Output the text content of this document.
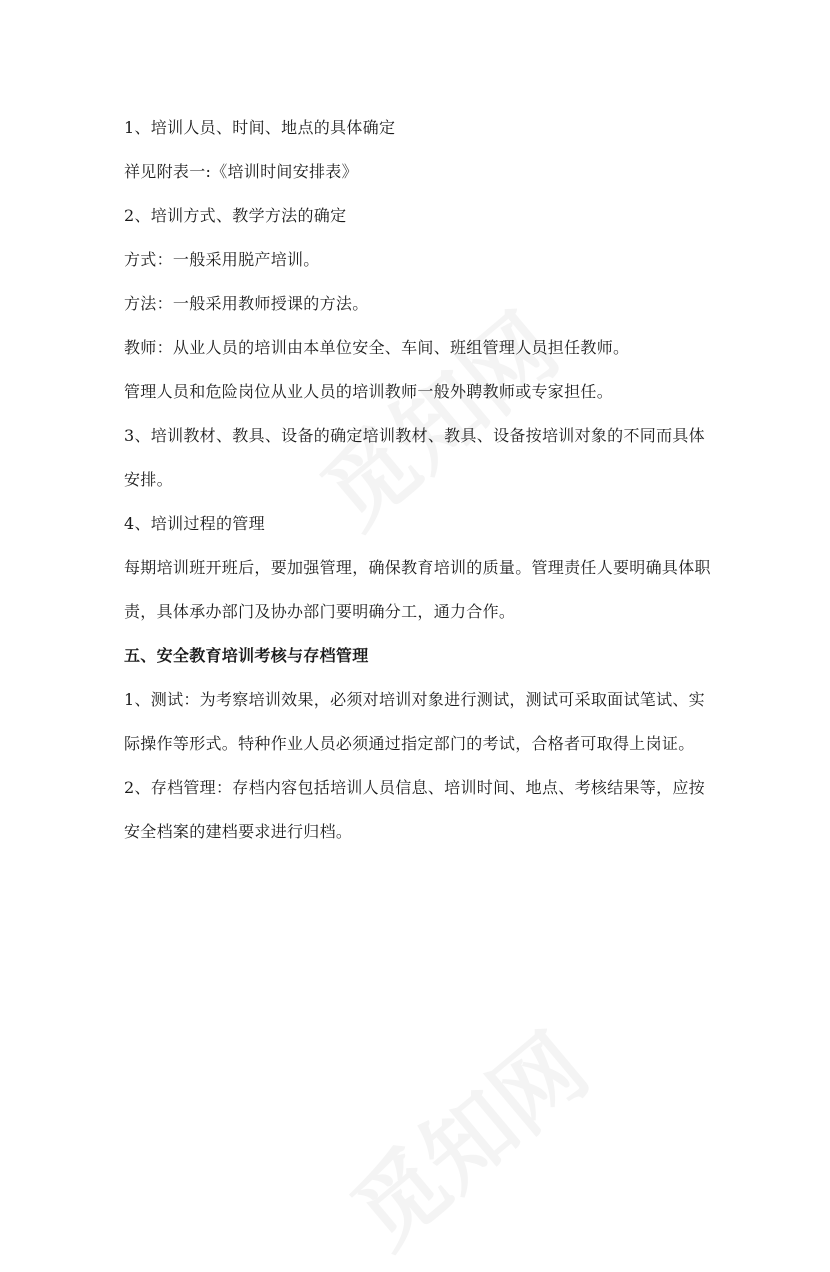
1、培训人员、时间、地点的具体确定

祥见附表一:《培训时间安排表》

2、培训方式、教学方法的确定

方式：一般采用脱产培训。

方法：一般采用教师授课的方法。

教师：从业人员的培训由本单位安全、车间、班组管理人员担任教师。

管理人员和危险岗位从业人员的培训教师一般外聘教师或专家担任。

3、培训教材、教具、设备的确定培训教材、教具、设备按培训对象的不同而具体安排。

4、培训过程的管理

每期培训班开班后，要加强管理，确保教育培训的质量。管理责任人要明确具体职责，具体承办部门及协办部门要明确分工，通力合作。

五、安全教育培训考核与存档管理

1、测试：为考察培训效果，必须对培训对象进行测试，测试可采取面试笔试、实际操作等形式。特种作业人员必须通过指定部门的考试，合格者可取得上岗证。

2、存档管理：存档内容包括培训人员信息、培训时间、地点、考核结果等，应按安全档案的建档要求进行归档。
